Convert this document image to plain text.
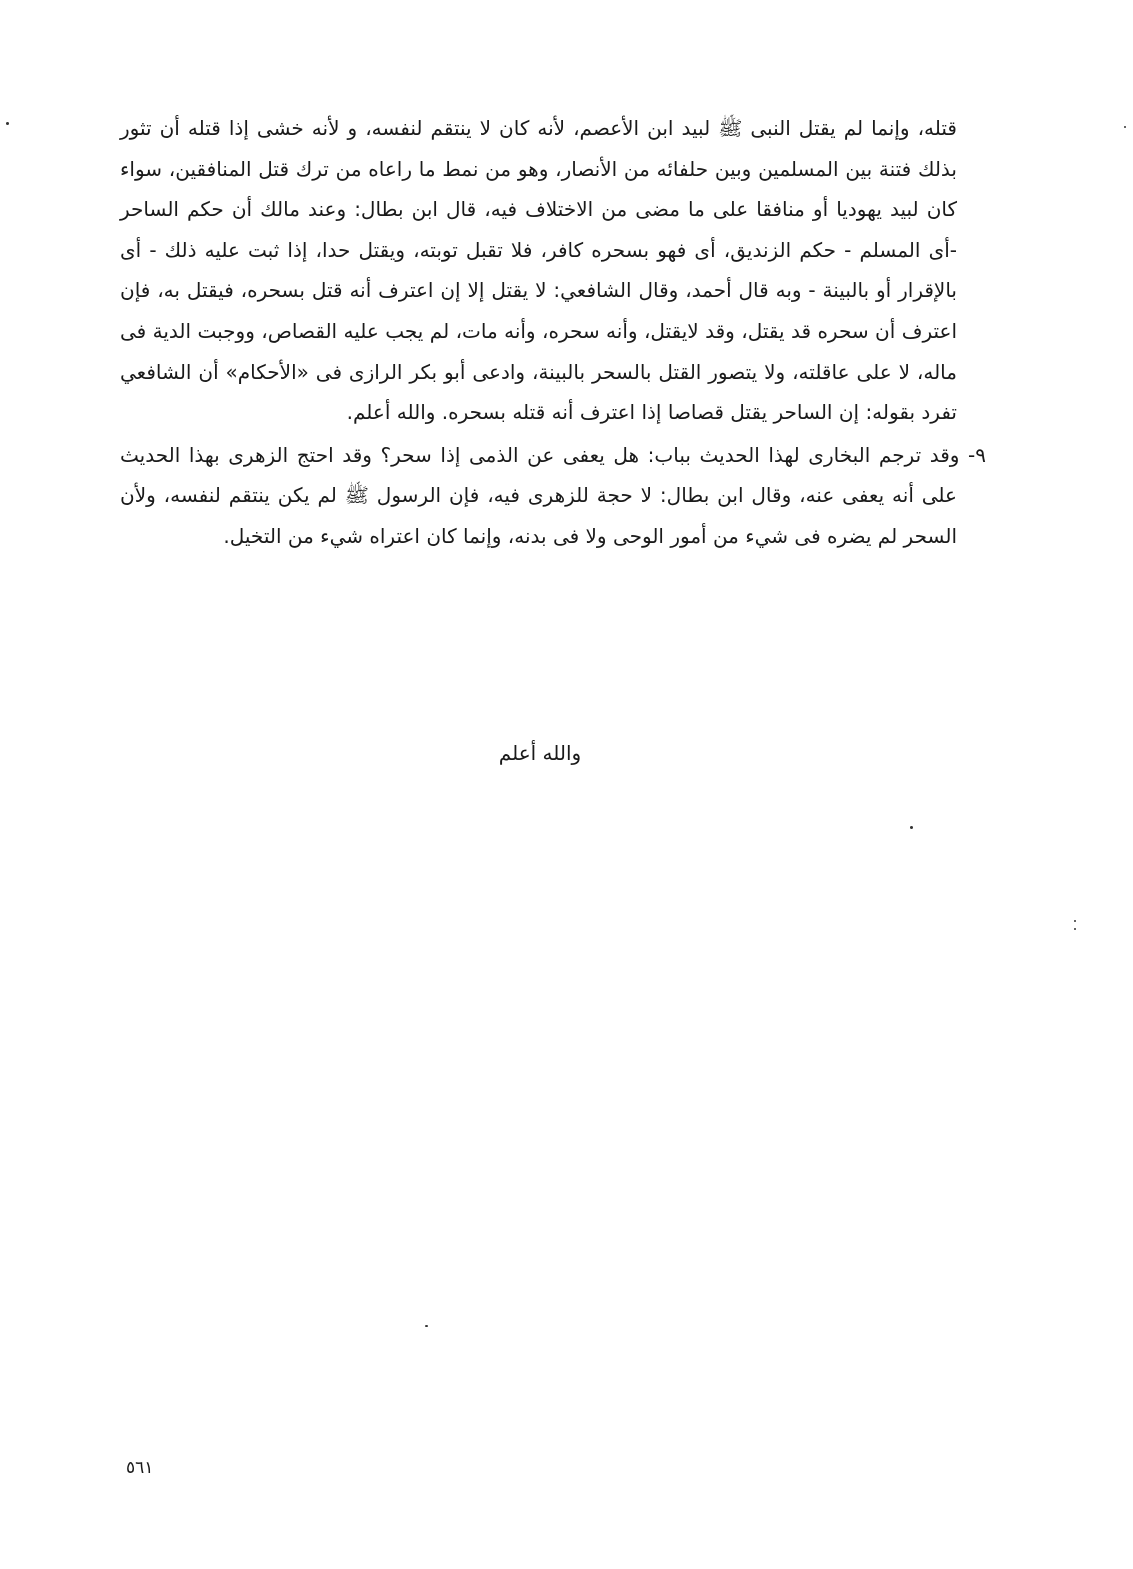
قتله، وإنما لم يقتل النبى ﷺ لبيد ابن الأعصم، لأنه كان لا ينتقم لنفسه، و لأنه خشى إذا قتله أن تثور بذلك فتنة بين المسلمين وبين حلفائه من الأنصار، وهو من نمط ما راعاه من ترك قتل المنافقين، سواء كان لبيد يهوديا أو منافقا على ما مضى من الاختلاف فيه، قال ابن بطال: وعند مالك أن حكم الساحر -أى المسلم - حكم الزنديق، أى فهو بسحره كافر، فلا تقبل توبته، ويقتل حدا، إذا ثبت عليه ذلك - أى بالإقرار أو بالبينة - وبه قال أحمد، وقال الشافعي: لا يقتل إلا إن اعترف أنه قتل بسحره، فيقتل به، فإن اعترف أن سحره قد يقتل، وقد لايقتل، وأنه سحره، وأنه مات، لم يجب عليه القصاص، ووجبت الدية فى ماله، لا على عاقلته، ولا يتصور القتل بالسحر بالبينة، وادعى أبو بكر الرازى فى «الأحكام» أن الشافعي تفرد بقوله: إن الساحر يقتل قصاصا إذا اعترف أنه قتله بسحره. والله أعلم.

٩- وقد ترجم البخارى لهذا الحديث بباب: هل يعفى عن الذمى إذا سحر؟ وقد احتج الزهرى بهذا الحديث على أنه يعفى عنه، وقال ابن بطال: لا حجة للزهرى فيه، فإن الرسول ﷺ لم يكن ينتقم لنفسه، ولأن السحر لم يضره فى شيء من أمور الوحى ولا فى بدنه، وإنما كان اعتراه شيء من التخيل.

والله أعلم
٥٦١
